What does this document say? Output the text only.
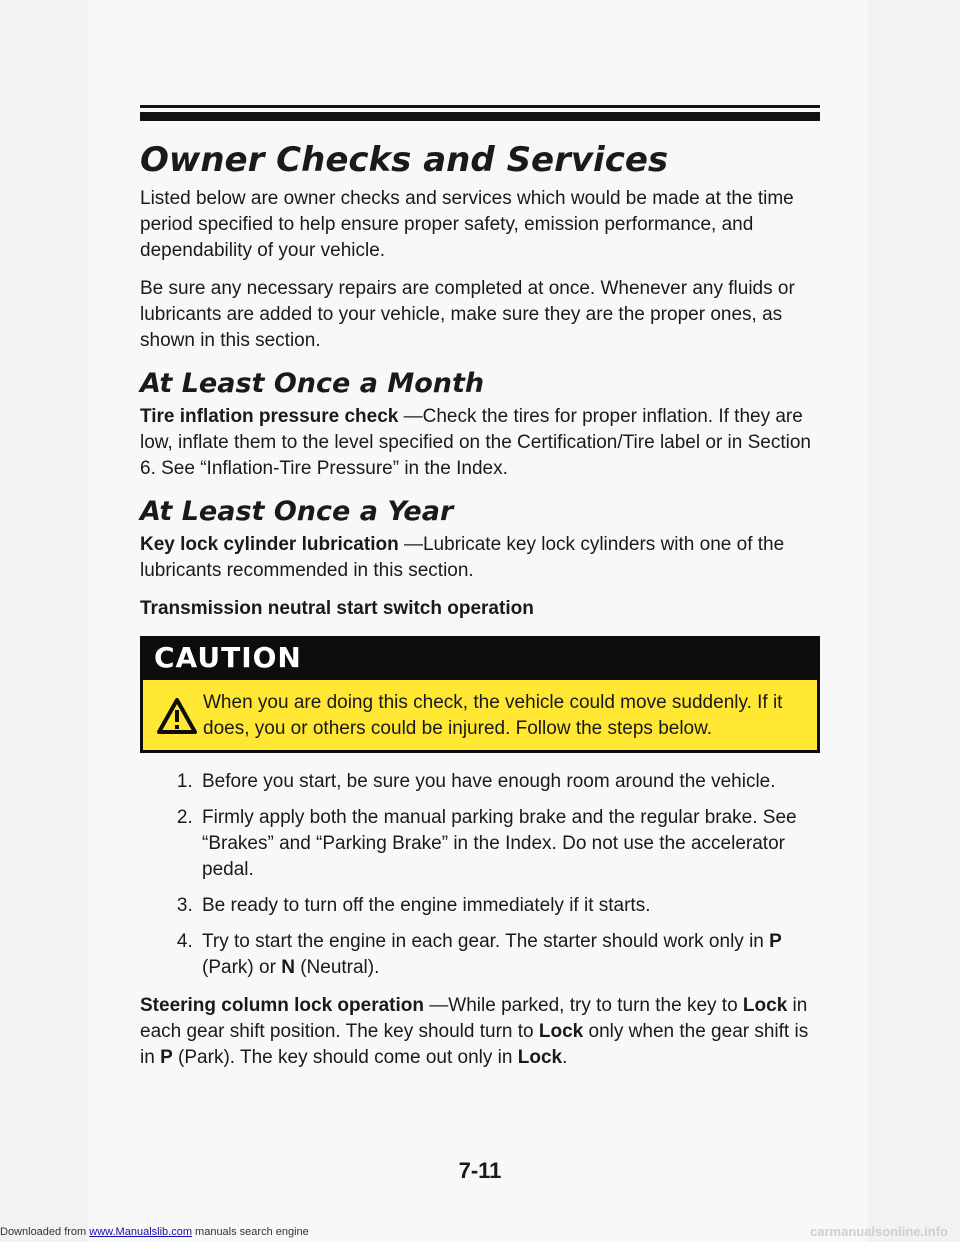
Owner Checks and Services

Listed below are owner checks and services which would be made at the time period specified to help ensure proper safety, emission performance, and dependability of your vehicle.

Be sure any necessary repairs are completed at once. Whenever any fluids or lubricants are added to your vehicle, make sure they are the proper ones, as shown in this section.

At Least Once a Month

Tire inflation pressure check —Check the tires for proper inflation. If they are low, inflate them to the level specified on the Certification/Tire label or in Section 6. See “Inflation-Tire Pressure” in the Index.

At Least Once a Year

Key lock cylinder lubrication —Lubricate key lock cylinders with one of the lubricants recommended in this section.

Transmission neutral start switch operation

CAUTION
When you are doing this check, the vehicle could move suddenly. If it does, you or others could be injured. Follow the steps below.
1. Before you start, be sure you have enough room around the vehicle.
2. Firmly apply both the manual parking brake and the regular brake. See “Brakes” and “Parking Brake” in the Index. Do not use the accelerator pedal.
3. Be ready to turn off the engine immediately if it starts.
4. Try to start the engine in each gear. The starter should work only in P (Park) or N (Neutral).

Steering column lock operation —While parked, try to turn the key to Lock in each gear shift position. The key should turn to Lock only when the gear shift is in P (Park). The key should come out only in Lock.

7-11
Downloaded from www.Manualslib.com manuals search engine	carmanualsonline.info
